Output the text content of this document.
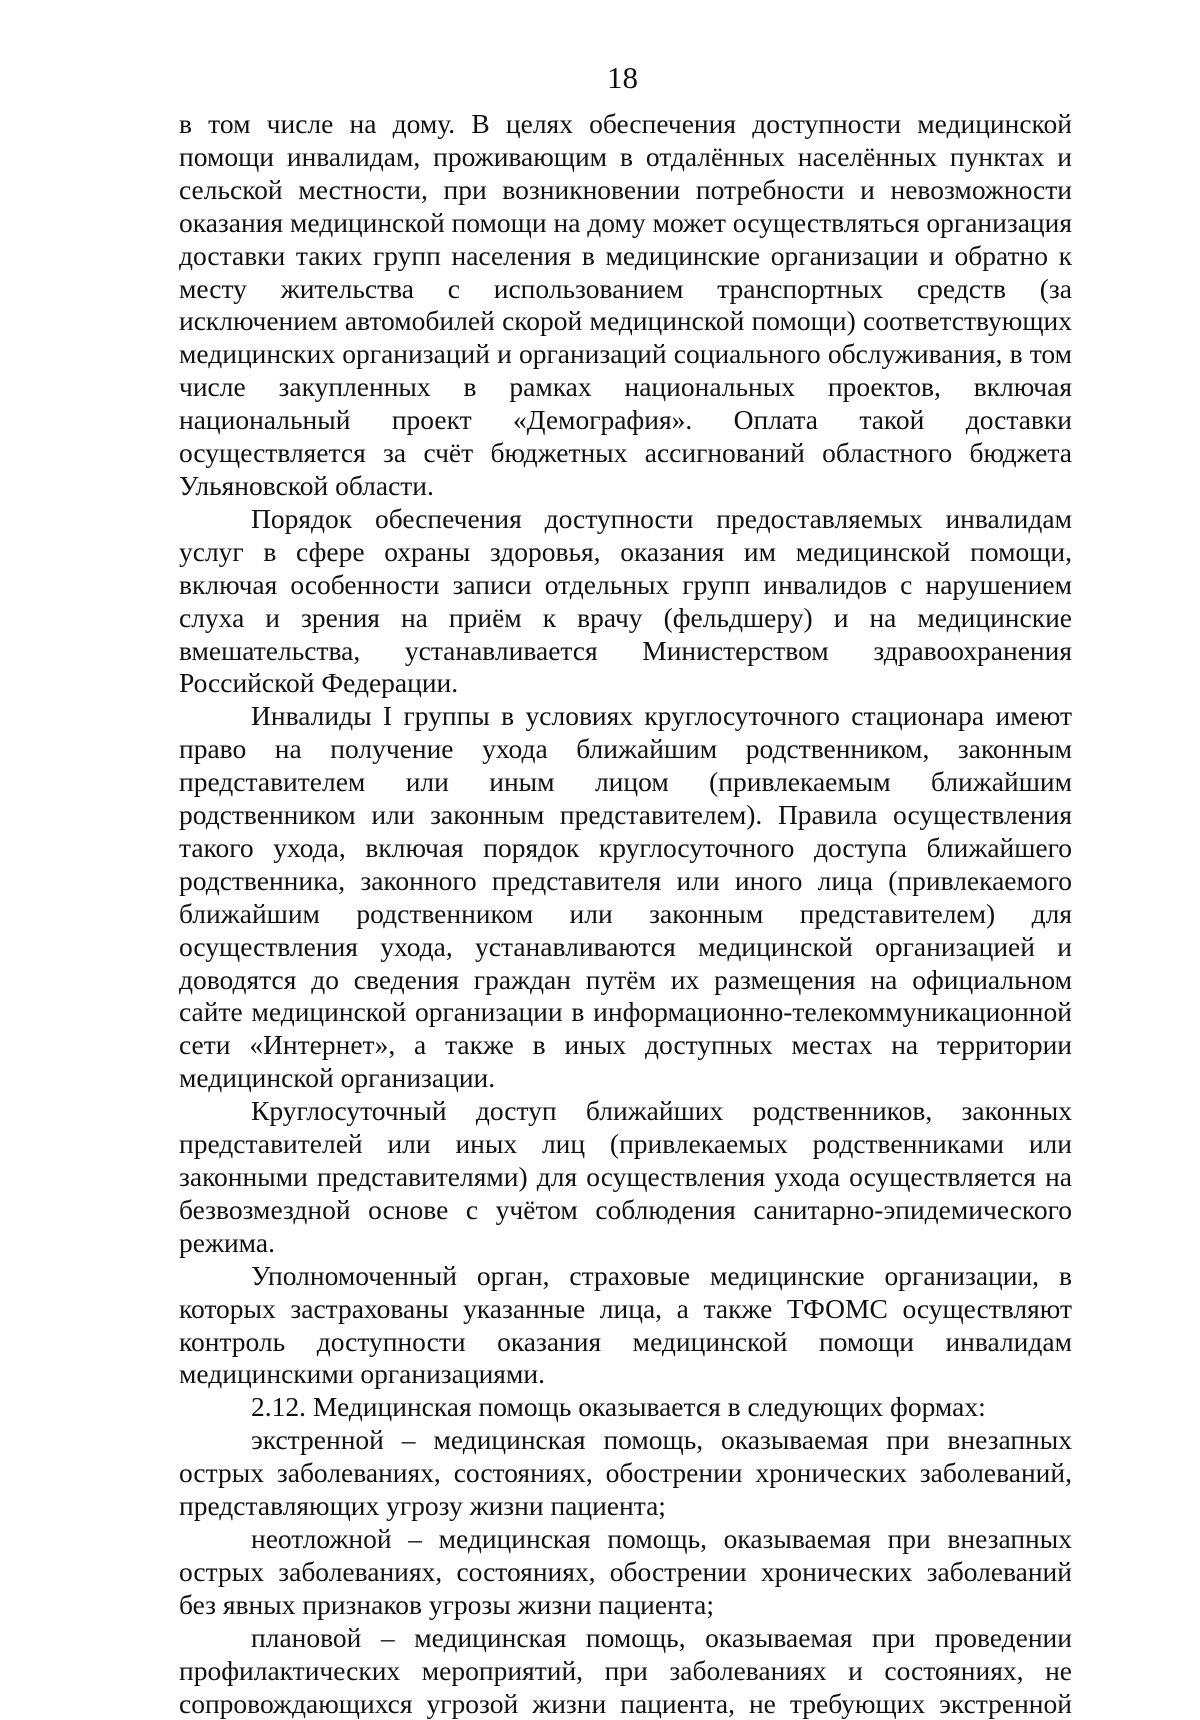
18

в том числе на дому. В целях обеспечения доступности медицинской помощи инвалидам, проживающим в отдалённых населённых пунктах и сельской местности, при возникновении потребности и невозможности оказания медицинской помощи на дому может осуществляться организация доставки таких групп населения в медицинские организации и обратно к месту жительства с использованием транспортных средств (за исключением автомобилей скорой медицинской помощи) соответствующих медицинских организаций и организаций социального обслуживания, в том числе закупленных в рамках национальных проектов, включая национальный проект «Демография». Оплата такой доставки осуществляется за счёт бюджетных ассигнований областного бюджета Ульяновской области.

Порядок обеспечения доступности предоставляемых инвалидам услуг в сфере охраны здоровья, оказания им медицинской помощи, включая особенности записи отдельных групп инвалидов с нарушением слуха и зрения на приём к врачу (фельдшеру) и на медицинские вмешательства, устанавливается Министерством здравоохранения Российской Федерации.

Инвалиды I группы в условиях круглосуточного стационара имеют право на получение ухода ближайшим родственником, законным представителем или иным лицом (привлекаемым ближайшим родственником или законным представителем). Правила осуществления такого ухода, включая порядок круглосуточного доступа ближайшего родственника, законного представителя или иного лица (привлекаемого ближайшим родственником или законным представителем) для осуществления ухода, устанавливаются медицинской организацией и доводятся до сведения граждан путём их размещения на официальном сайте медицинской организации в информационно-телекоммуникационной сети «Интернет», а также в иных доступных местах на территории медицинской организации.

Круглосуточный доступ ближайших родственников, законных представителей или иных лиц (привлекаемых родственниками или законными представителями) для осуществления ухода осуществляется на безвозмездной основе с учётом соблюдения санитарно-эпидемического режима.

Уполномоченный орган, страховые медицинские организации, в которых застрахованы указанные лица, а также ТФОМС осуществляют контроль доступности оказания медицинской помощи инвалидам медицинскими организациями.

2.12. Медицинская помощь оказывается в следующих формах:

экстренной – медицинская помощь, оказываемая при внезапных острых заболеваниях, состояниях, обострении хронических заболеваний, представляющих угрозу жизни пациента;

неотложной – медицинская помощь, оказываемая при внезапных острых заболеваниях, состояниях, обострении хронических заболеваний без явных признаков угрозы жизни пациента;

плановой – медицинская помощь, оказываемая при проведении профилактических мероприятий, при заболеваниях и состояниях, не сопровождающихся угрозой жизни пациента, не требующих экстренной
